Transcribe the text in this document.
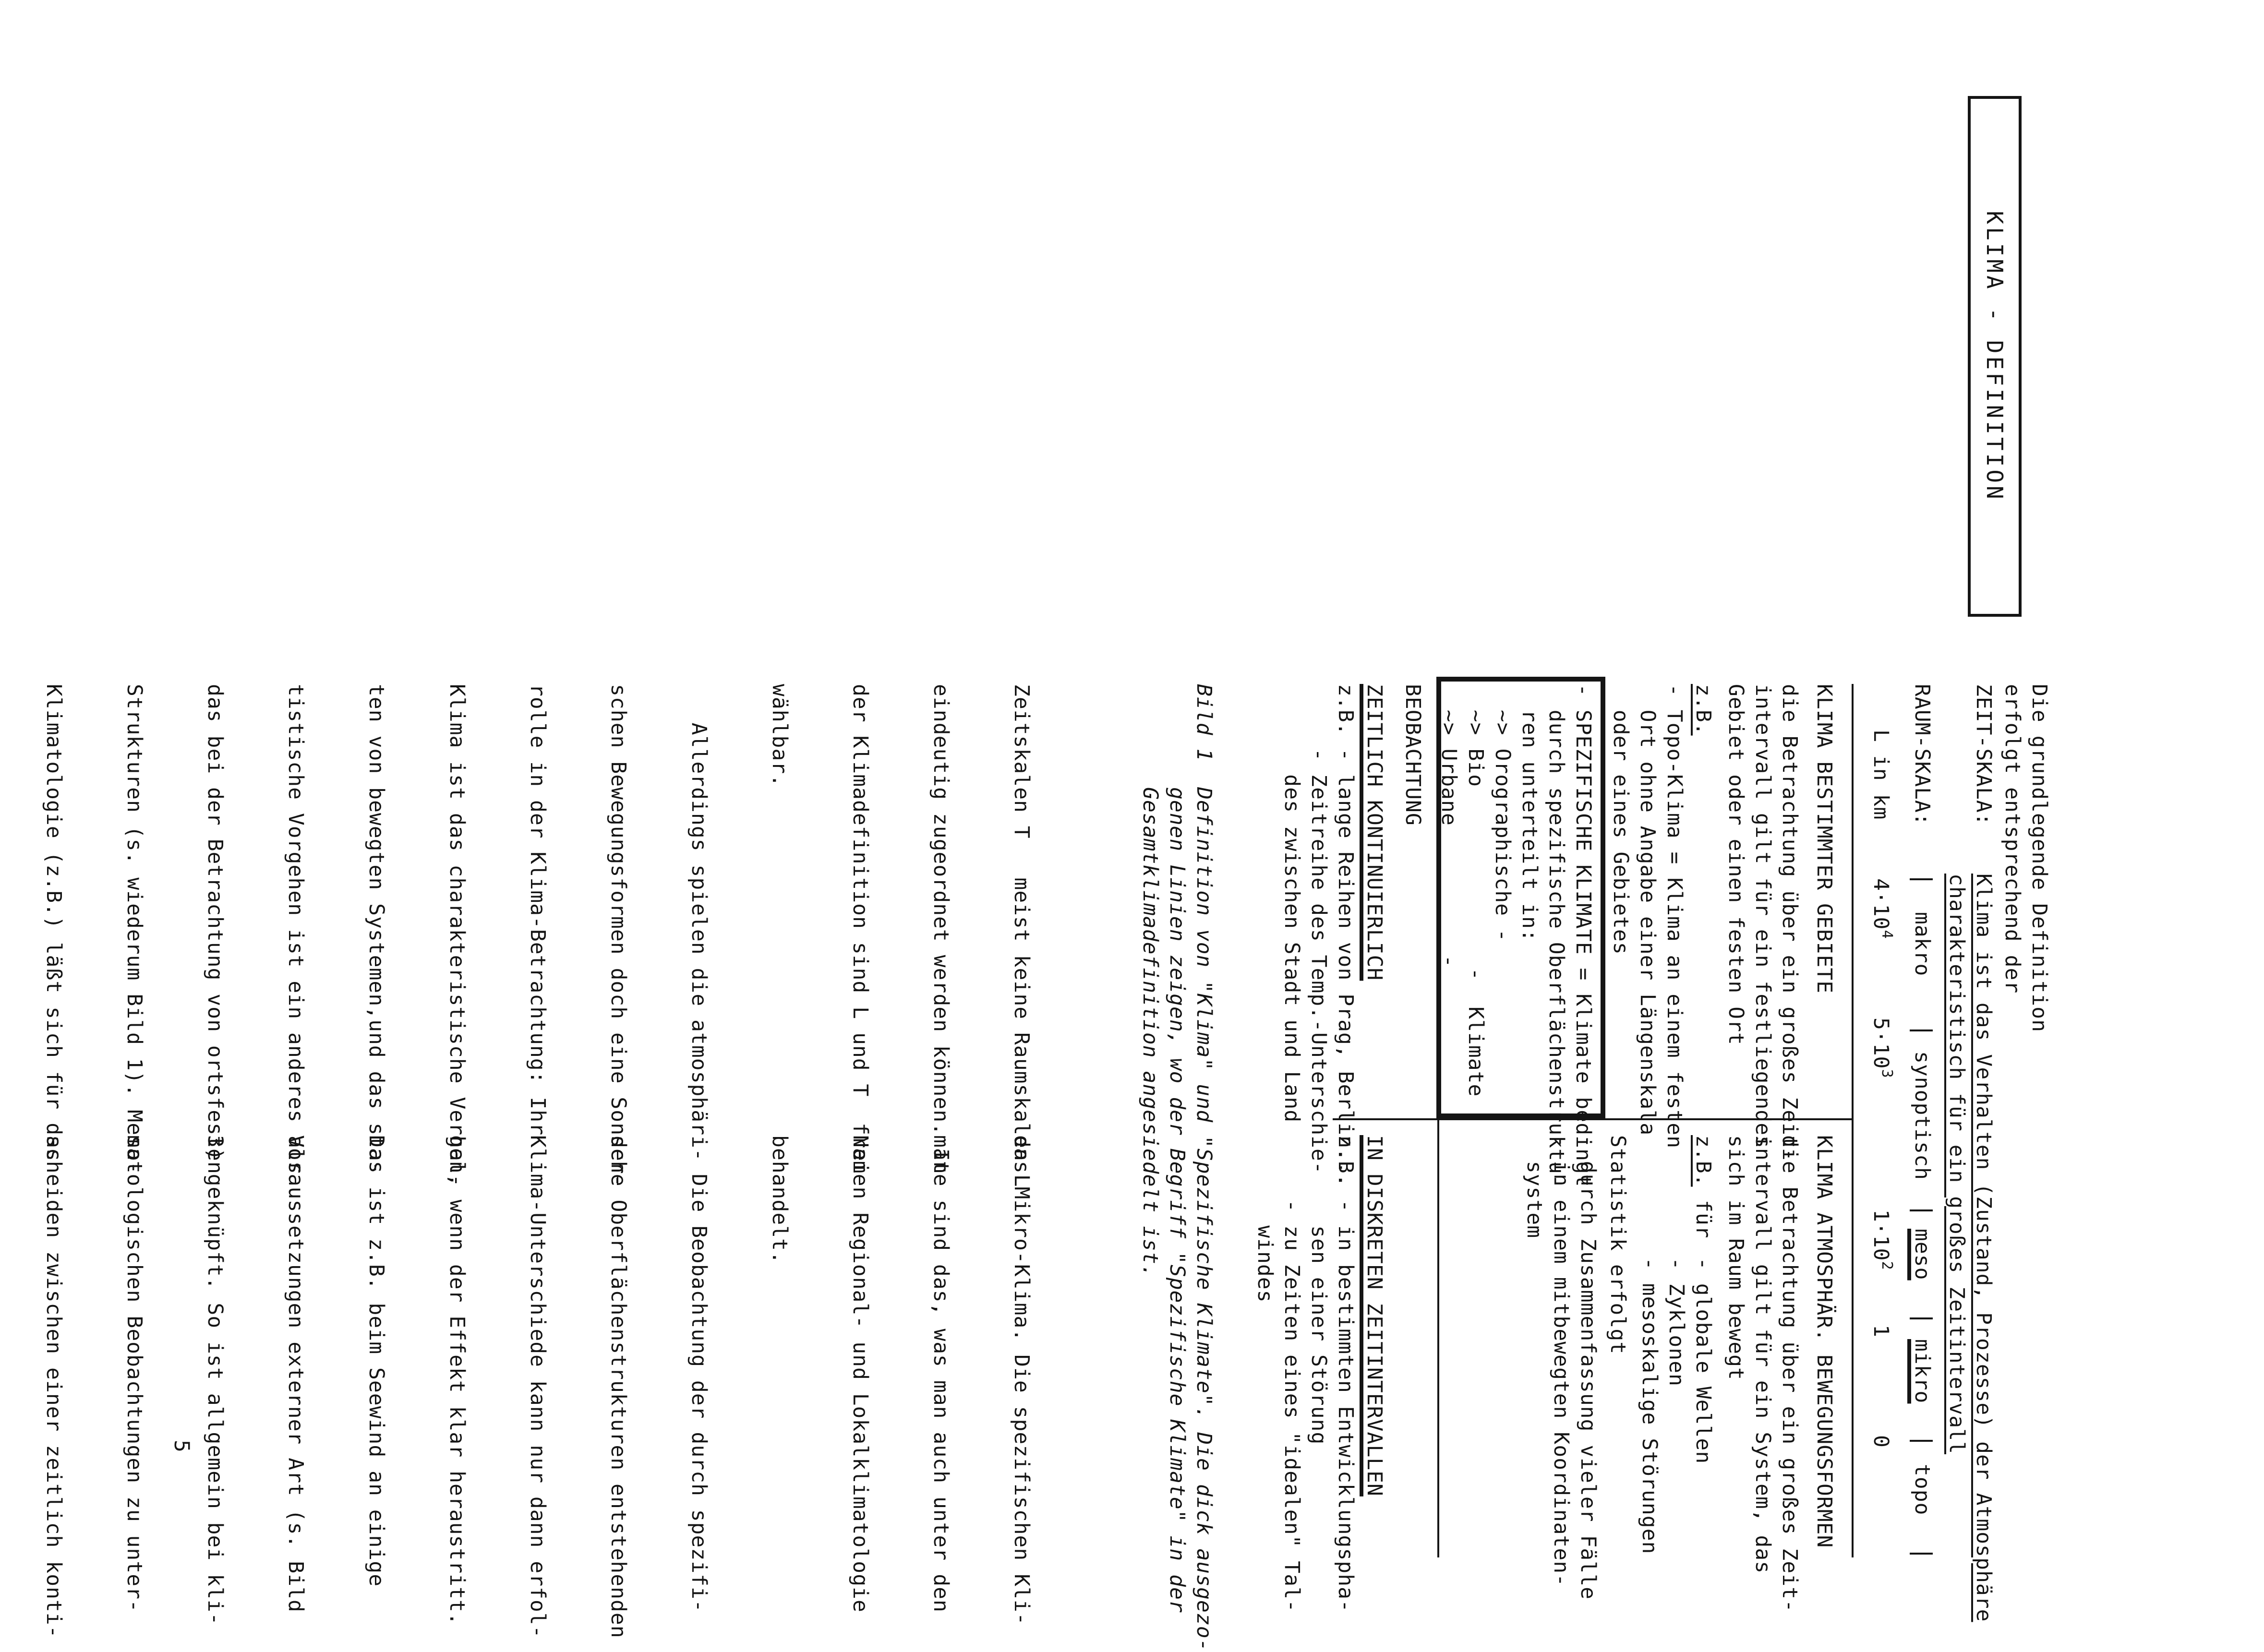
KLIMA - DEFINITION
Die grundlegende Definition
erfolgt entsprechend der
ZEIT-SKALA:
Klima ist das Verhalten (Zustand, Prozesse) der Atmosphäre
charakteristisch für ein großes Zeitintervall
RAUM-SKALA:
makro
synoptisch
meso
mikro
topo
L in km
$4\cdot 10^4$
$5\cdot 10^3$
$1\cdot 10^2$
1
0
KLIMA BESTIMMTER GEBIETE
die Betrachtung über ein großes Zeit-
intervall gilt für ein festliegendes
Gebiet oder einen festen Ort
z.B.
- Topo-Klima = Klima an einem festen
Ort ohne Angabe einer Längenskala
oder eines Gebietes
KLIMA ATMOSPHÄR. BEWEGUNGSFORMEN
die Betrachtung über ein großes Zeit-
intervall gilt für ein System, das
sich im Raum bewegt
z.B.
für
- globale Wellen
- Zyklonen
- mesoskalige Störungen
Statistik erfolgt
- durch Zusammenfassung vieler Fälle
- in einem mitbewegten Koordinaten-
system - SPEZIFISCHE KLIMATE = Klimate bedingt
durch spezifische Oberflächenstruktu-
ren unterteilt in:
~> Orographische -
~> Bio              -  Klimate
~> Urbane          -
BEOBACHTUNG
ZEITLICH KONTINUIERLICH
z.B. - lange Reihen von Prag, Berlin...
- Zeitreihe des Temp.-Unterschie-
des zwischen Stadt und Land
IN DISKRETEN ZEITINTERVALLEN
z.B. - in bestimmten Entwicklungspha-
sen einer Störung
- zu Zeiten eines "idealen" Tal-
windes
Bild 1
Definition von "Klima" und "Spezifische Klimate". Die dick ausgezo-
genen Linien zeigen, wo der Begriff "Spezifische Klimate" in der
Gesamtklimadefinition angesiedelt ist.

Zeitskalen T   meist keine Raumskalen L

eindeutig zugeordnet werden können. In

der Klimadefinition sind L und T  frei

wählbar.

Allerdings spielen die atmosphäri-

schen Bewegungsformen doch eine Sonder-

rolle in der Klima-Betrachtung: Ihr

Klima ist das charakteristische Verhal-

ten von bewegten Systemen,und das sta-

tistische Vorgehen ist ein anderes als

das bei der Betrachtung von ortsfesten

Strukturen (s. wiederum Bild 1). Meso-

Klimatologie (z.B.) läßt sich für das

das Mikro-Klima. Die spezifischen Kli-

mate sind das, was man auch unter den

Namen Regional- und Lokalklimatologie

behandelt.

Die Beobachtung der durch spezifi-

sche Oberflächenstrukturen entstehenden

Klima-Unterschiede kann nur dann erfol-

gen, wenn der Effekt klar heraustritt.

Das ist z.B. beim Seewind an einige

Voraussetzungen externer Art (s. Bild

3) geknüpft. So ist allgemein bei kli-

matologischen Beobachtungen zu unter-

scheiden zwischen einer zeitlich konti-

	5
